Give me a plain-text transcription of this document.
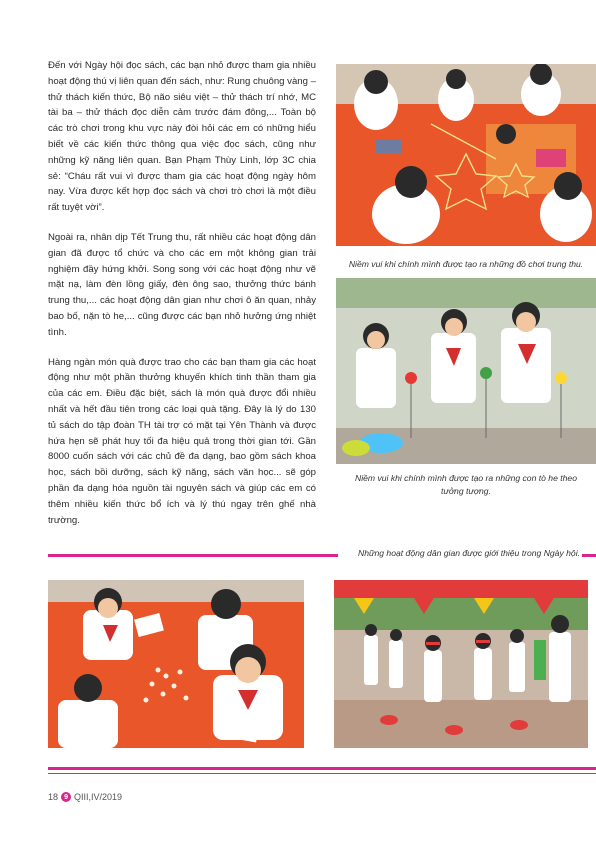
Đến với Ngày hội đọc sách, các bạn nhỏ được tham gia nhiều hoạt động thú vị liên quan đến sách, như: Rung chuông vàng – thử thách kiến thức, Bộ não siêu việt – thử thách trí nhớ, MC tài ba – thử thách đọc diễn cảm trước đám đông,... Toàn bộ các trò chơi trong khu vực này đòi hỏi các em có những hiểu biết về các kiến thức thông qua việc đọc sách, cũng như những kỹ năng liên quan. Bạn Phạm Thùy Linh, lớp 3C chia sẻ: “Cháu rất vui vì được tham gia các hoạt động ngày hôm nay. Vừa được kết hợp đọc sách và chơi trò chơi là một điều rất tuyệt vời”.

Ngoài ra, nhân dịp Tết Trung thu, rất nhiều các hoạt động dân gian đã được tổ chức và cho các em một không gian trải nghiệm đầy hứng khởi. Song song với các hoạt động như vẽ mặt nạ, làm đèn lồng giấy, đèn ông sao, thưởng thức bánh trung thu,... các hoạt động dân gian như chơi ô ăn quan, nhảy bao bố, nặn tò he,... cũng được các bạn nhỏ hưởng ứng nhiệt tình.

Hàng ngàn món quà được trao cho các bạn tham gia các hoạt động như một phần thưởng khuyến khích tinh thần tham gia của các em. Điều đặc biệt, sách là món quà được đổi nhiều nhất và hết đầu tiên trong các loại quà tặng. Đây là lý do 130 tủ sách do tập đoàn TH tài trợ có mặt tại Yên Thành và được hứa hẹn sẽ phát huy tối đa hiệu quả trong thời gian tới. Gần 8000 cuốn sách với các chủ đề đa dạng, bao gồm sách khoa học, sách bồi dưỡng, sách kỹ năng, sách văn học... sẽ góp phần đa dạng hóa nguồn tài nguyên sách và giúp các em có thêm nhiều kiến thức bổ ích và lý thú ngay trên ghế nhà trường.

Niềm vui khi chính mình được tạo ra những đồ chơi trung thu.
Niềm vui khi chính mình được tạo ra những con tò he theo tưởng tượng.
Những hoạt động dân gian được giới thiệu trong Ngày hội.
18 9 QIII,IV/2019
